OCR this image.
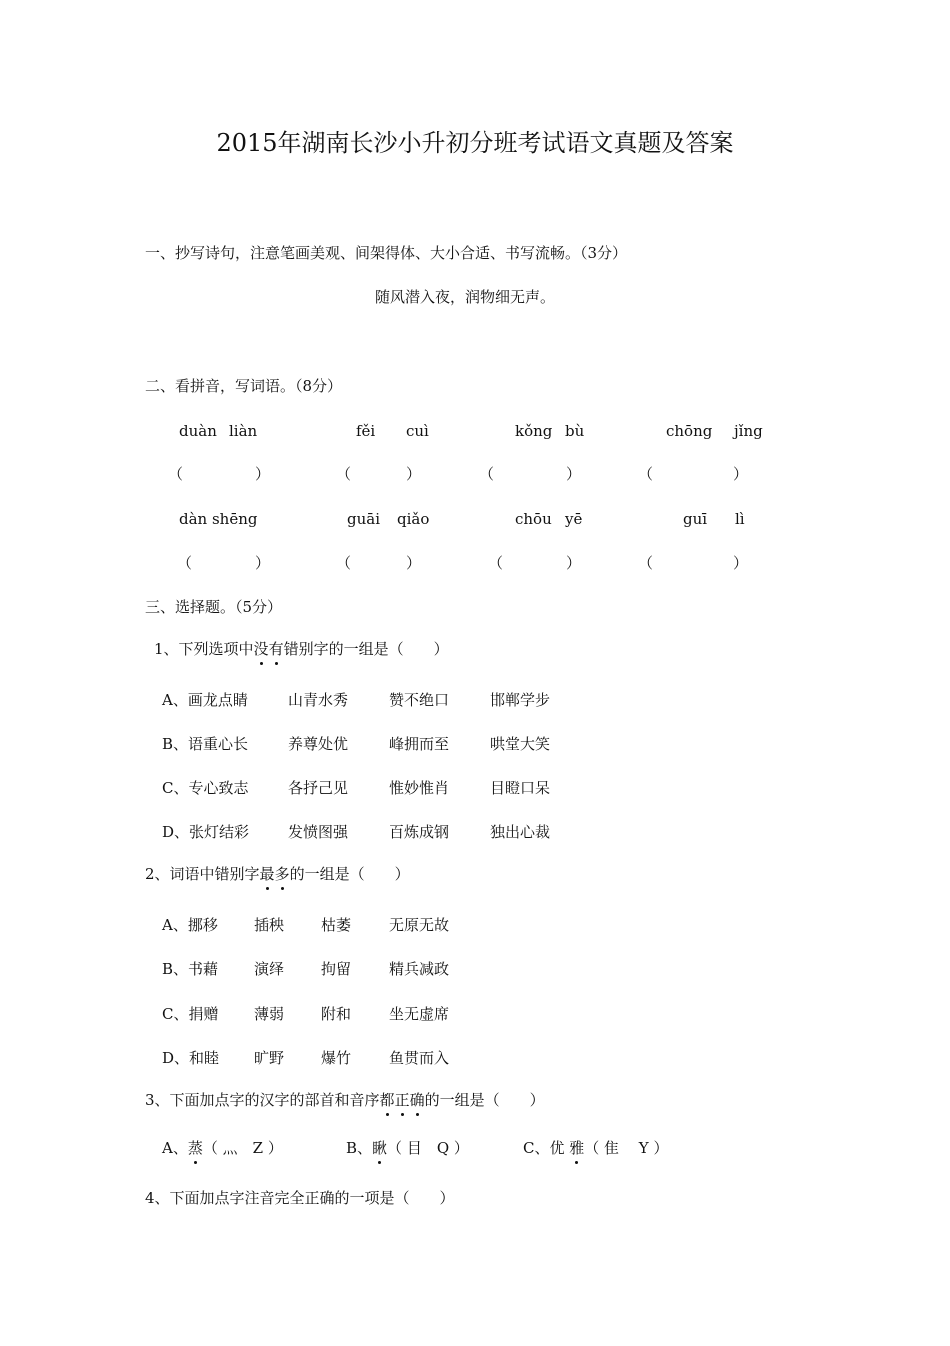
2015年湖南长沙小升初分班考试语文真题及答案
一、抄写诗句，注意笔画美观、间架得体、大小合适、书写流畅。（3分）
随风潜入夜，润物细无声。
二、看拼音，写词语。（8分）
duàn liàn	fěi cuì	kǒng bù	chōng jǐng
（	）	（	）	（	）	（	）
dàn shēng	guāi qiǎo	chōu yē	guī lì
（	）	（	）	（	）	（	）
三、选择题。（5分）
1、下列选项中没有错别字的一组是（　　）
A、画龙点睛	山青水秀	赞不绝口	邯郸学步
B、语重心长	养尊处优	峰拥而至	哄堂大笑
C、专心致志	各抒己见	惟妙惟肖	目瞪口呆
D、张灯结彩	发愤图强	百炼成钢	独出心裁
2、词语中错别字最多的一组是（　　）
A、挪移 插秧 枯萎	无原无故
B、书藉 演绎 拘留	精兵减政
C、捐赠 薄弱 附和	坐无虚席
D、和睦 旷野 爆竹	鱼贯而入
3、下面加点字的汉字的部首和音序都正确的一组是（　　）
A、蒸（ 灬　Z ）	B、瞅（ 目　Q ）	C、优 雅（ 隹　 Y ）
4、下面加点字注音完全正确的一项是（　　）
